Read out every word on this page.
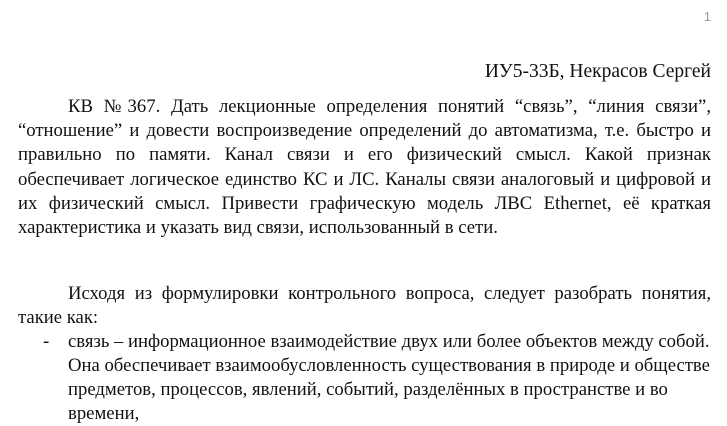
1
ИУ5-33Б, Некрасов Сергей

КВ №367. Дать лекционные определения понятий “связь”, “линия связи”, “отношение” и довести воспроизведение определений до автоматизма, т.е. быстро и правильно по памяти. Канал связи и его физический смысл. Какой признак обеспечивает логическое единство КС и ЛС. Каналы связи аналоговый и цифровой и их физический смысл. Привести графическую модель ЛВС Ethernet, её краткая характеристика и указать вид связи, использованный в сети.

Исходя из формулировки контрольного вопроса, следует разобрать понятия, такие как:

- связь – информационное взаимодействие двух или более объектов между собой. Она обеспечивает взаимообусловленность существования в природе и обществе предметов, процессов, явлений, событий, разделённых в пространстве и во времени,
